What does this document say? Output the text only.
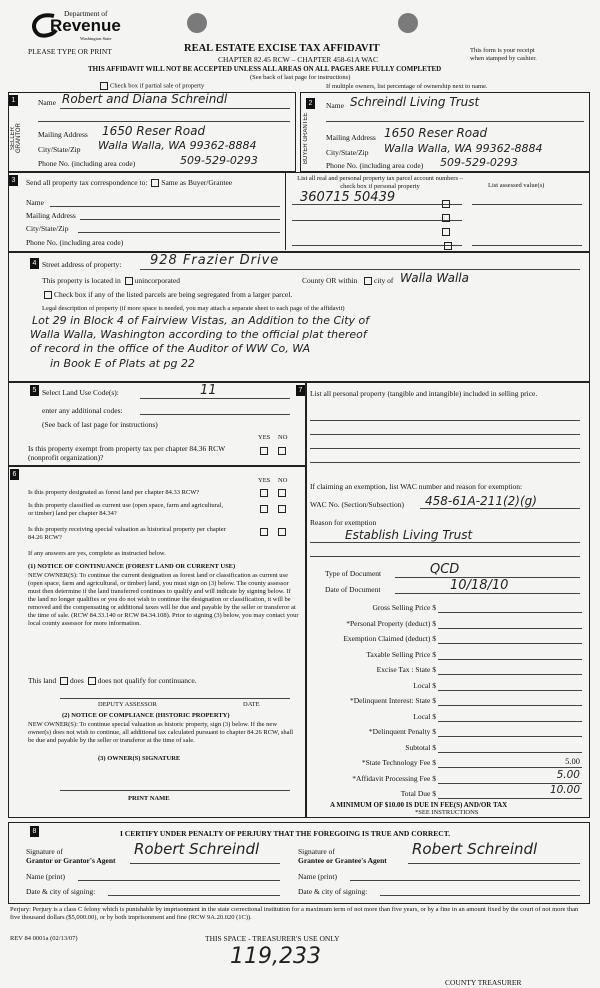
Department of
Revenue
Washington State
PLEASE TYPE OR PRINT	REAL ESTATE EXCISE TAX AFFIDAVIT
CHAPTER 82.45 RCW – CHAPTER 458-61A WAC
This form is your receipt
when stamped by cashier.
THIS AFFIDAVIT WILL NOT BE ACCEPTED UNLESS ALL AREAS ON ALL PAGES ARE FULLY COMPLETED
(See back of last page for instructions)
Check box if partial sale of property	If multiple owners, list percentage of ownership next to name.
1
SELLER GRANTOR
Name Robert and Diana Schreindl
Mailing Address 1650 Reser Road
City/State/Zip Walla Walla, WA 99362-8884
Phone No. (including area code)	509-529-0293
2
BUYER GRANTEE
Name Schreindl Living Trust
Mailing Address 1650 Reser Road
City/State/Zip Walla Walla, WA 99362-8884
Phone No. (including area code) 509-529-0293
3	Send all property tax correspondence to: Same as Buyer/Grantee
Name
Mailing Address
City/State/Zip
Phone No. (including area code)
List all real and personal property tax parcel account numbers – check box if personal property
360715 50439
List assessed value(s)
4 Street address of property: 928 Frazier Drive
This property is located in unincorporated	County OR within city of Walla Walla
Check box if any of the listed parcels are being segregated from a larger parcel.
Legal description of property (if more space is needed, you may attach a separate sheet to each page of the affidavit)
Lot 29 in Block 4 of Fairview Vistas, an Addition to the City of
Walla Walla, Washington according to the official plat thereof
of record in the office of the Auditor of WW Co, WA
in Book E of Plats at pg 22
5 Select Land Use Code(s):	11
enter any additional codes:
(See back of last page for instructions)
YES NO
Is this property exempt from property tax per chapter 84.36 RCW (nonprofit organization)?
6
YES NO
Is this property designated as forest land per chapter 84.33 RCW?
Is this property classified as current use (open space, farm and agricultural, or timber) land per chapter 84.34?
Is this property receiving special valuation as historical property per chapter 84.26 RCW?
If any answers are yes, complete as instructed below.
(1) NOTICE OF CONTINUANCE (FOREST LAND OR CURRENT USE)
NEW OWNER(S): To continue the current designation as forest land or classification as current use (open space, farm and agricultural, or timber) land, you must sign on (3) below. The county assessor must then determine if the land transferred continues to qualify and will indicate by signing below. If the land no longer qualifies or you do not wish to continue the designation or classification, it will be removed and the compensating or additional taxes will be due and payable by the seller or transferor at the time of sale. (RCW 84.33.140 or RCW 84.34.108). Prior to signing (3) below, you may contact your local county assessor for more information.
This land does does not qualify for continuance.
DEPUTY ASSESSOR	DATE
(2) NOTICE OF COMPLIANCE (HISTORIC PROPERTY)
NEW OWNER(S): To continue special valuation as historic property, sign (3) below. If the new owner(s) does not wish to continue, all additional tax calculated pursuant to chapter 84.26 RCW, shall be due and payable by the seller or transferor at the time of sale.
(3) OWNER(S) SIGNATURE
PRINT NAME
7	List all personal property (tangible and intangible) included in selling price.
If claiming an exemption, list WAC number and reason for exemption:
WAC No. (Section/Subsection) 458-61A-211(2)(g)
Reason for exemption
Establish Living Trust
Type of Document	QCD
Date of Document	10/18/10
Gross Selling Price $
*Personal Property (deduct) $
Exemption Claimed (deduct) $
Taxable Selling Price $
Excise Tax : State $
Local $
*Delinquent Interest: State $
Local $
*Delinquent Penalty $
Subtotal $
*State Technology Fee $	5.00
*Affidavit Processing Fee $	5.00
Total Due $	10.00
A MINIMUM OF $10.00 IS DUE IN FEE(S) AND/OR TAX
*SEE INSTRUCTIONS
8	I CERTIFY UNDER PENALTY OF PERJURY THAT THE FOREGOING IS TRUE AND CORRECT.
Signature of
Grantor or Grantor's Agent
Robert Schreindl
Name (print)
Date & city of signing:
Signature of
Grantee or Grantee's Agent
Robert Schreindl
Name (print)
Date & city of signing:
Perjury: Perjury is a class C felony which is punishable by imprisonment in the state correctional institution for a maximum term of not more than five years, or by a fine in an amount fixed by the court of not more than five thousand dollars ($5,000.00), or by both imprisonment and fine (RCW 9A.20.020 (1C)).
REV 84 0001a (02/13/07)	THIS SPACE - TREASURER'S USE ONLY
119,233
COUNTY TREASURER
